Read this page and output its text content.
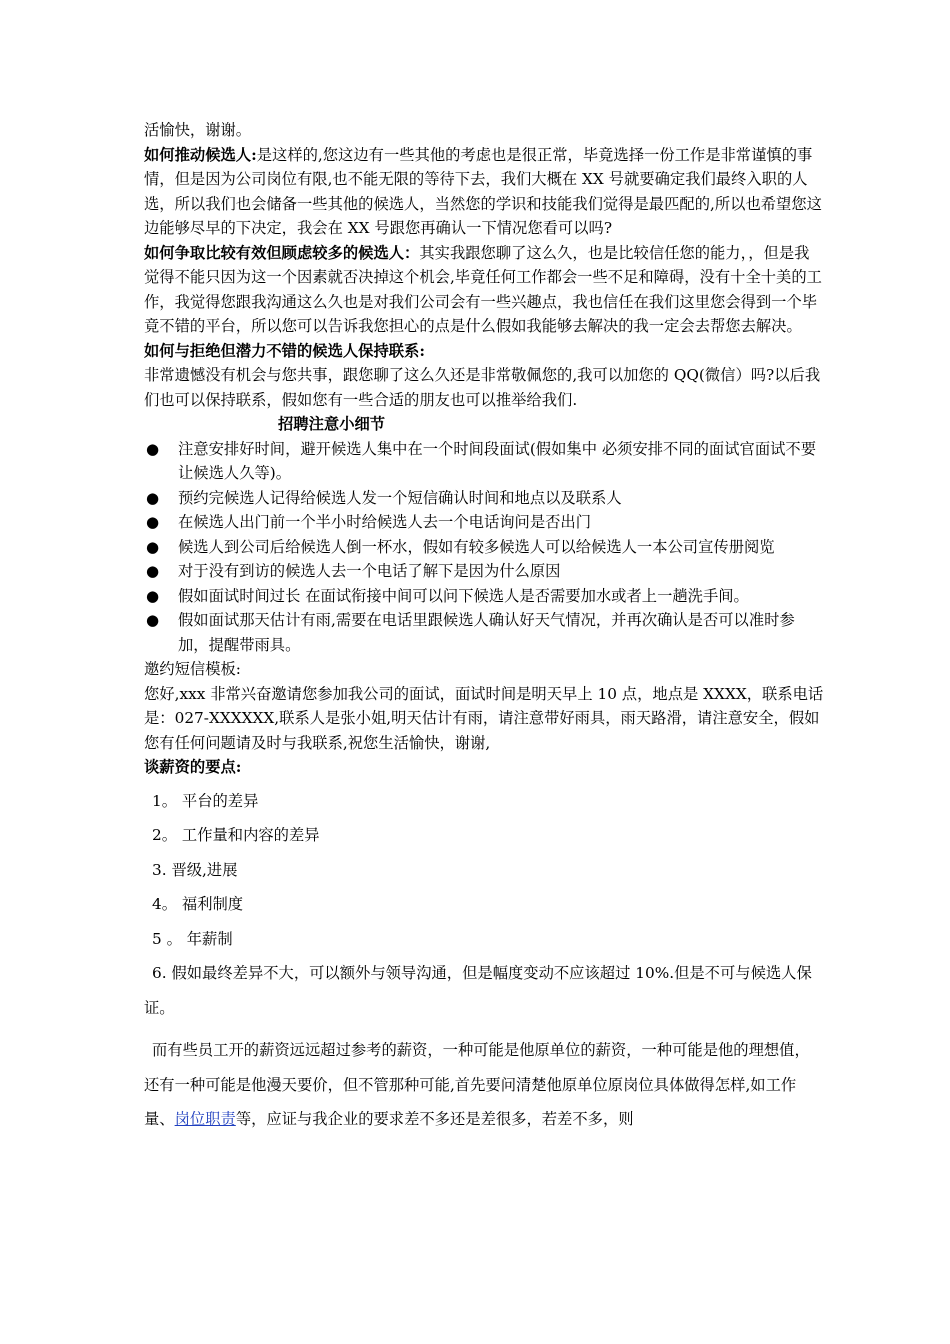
活愉快，谢谢。

如何推动候选人:是这样的,您这边有一些其他的考虑也是很正常，毕竟选择一份工作是非常谨慎的事情，但是因为公司岗位有限,也不能无限的等待下去，我们大概在 XX 号就要确定我们最终入职的人选，所以我们也会储备一些其他的候选人，当然您的学识和技能我们觉得是最匹配的,所以也希望您这边能够尽早的下决定，我会在 XX 号跟您再确认一下情况您看可以吗?

如何争取比较有效但顾虑较多的候选人：其实我跟您聊了这么久，也是比较信任您的能力，，但是我觉得不能只因为这一个因素就否决掉这个机会,毕竟任何工作都会一些不足和障碍，没有十全十美的工作，我觉得您跟我沟通这么久也是对我们公司会有一些兴趣点，我也信任在我们这里您会得到一个毕竟不错的平台，所以您可以告诉我您担心的点是什么假如我能够去解决的我一定会去帮您去解决。

如何与拒绝但潜力不错的候选人保持联系:

非常遗憾没有机会与您共事，跟您聊了这么久还是非常敬佩您的,我可以加您的 QQ(微信）吗?以后我们也可以保持联系，假如您有一些合适的朋友也可以推举给我们.

招聘注意小细节

● 注意安排好时间，避开候选人集中在一个时间段面试(假如集中 必须安排不同的面试官面试不要让候选人久等)。
● 预约完候选人记得给候选人发一个短信确认时间和地点以及联系人
● 在候选人出门前一个半小时给候选人去一个电话询问是否出门
● 候选人到公司后给候选人倒一杯水，假如有较多候选人可以给候选人一本公司宣传册阅览
● 对于没有到访的候选人去一个电话了解下是因为什么原因
● 假如面试时间过长 在面试衔接中间可以问下候选人是否需要加水或者上一趟洗手间。
● 假如面试那天估计有雨,需要在电话里跟候选人确认好天气情况，并再次确认是否可以准时参加，提醒带雨具。

邀约短信模板:

您好,xxx 非常兴奋邀请您参加我公司的面试，面试时间是明天早上 10 点，地点是 XXXX，联系电话是：027-XXXXXX,联系人是张小姐,明天估计有雨，请注意带好雨具，雨天路滑，请注意安全，假如您有任何问题请及时与我联系,祝您生活愉快，谢谢,

谈薪资的要点:

1。 平台的差异

2。 工作量和内容的差异

3. 晋级,进展

4。 福利制度

5 。 年薪制

6. 假如最终差异不大，可以额外与领导沟通，但是幅度变动不应该超过 10%.但是不可与候选人保证。

而有些员工开的薪资远远超过参考的薪资，一种可能是他原单位的薪资，一种可能是他的理想值，还有一种可能是他漫天要价，但不管那种可能,首先要问清楚他原单位原岗位具体做得怎样,如工作量、岗位职责等，应证与我企业的要求差不多还是差很多，若差不多，则
